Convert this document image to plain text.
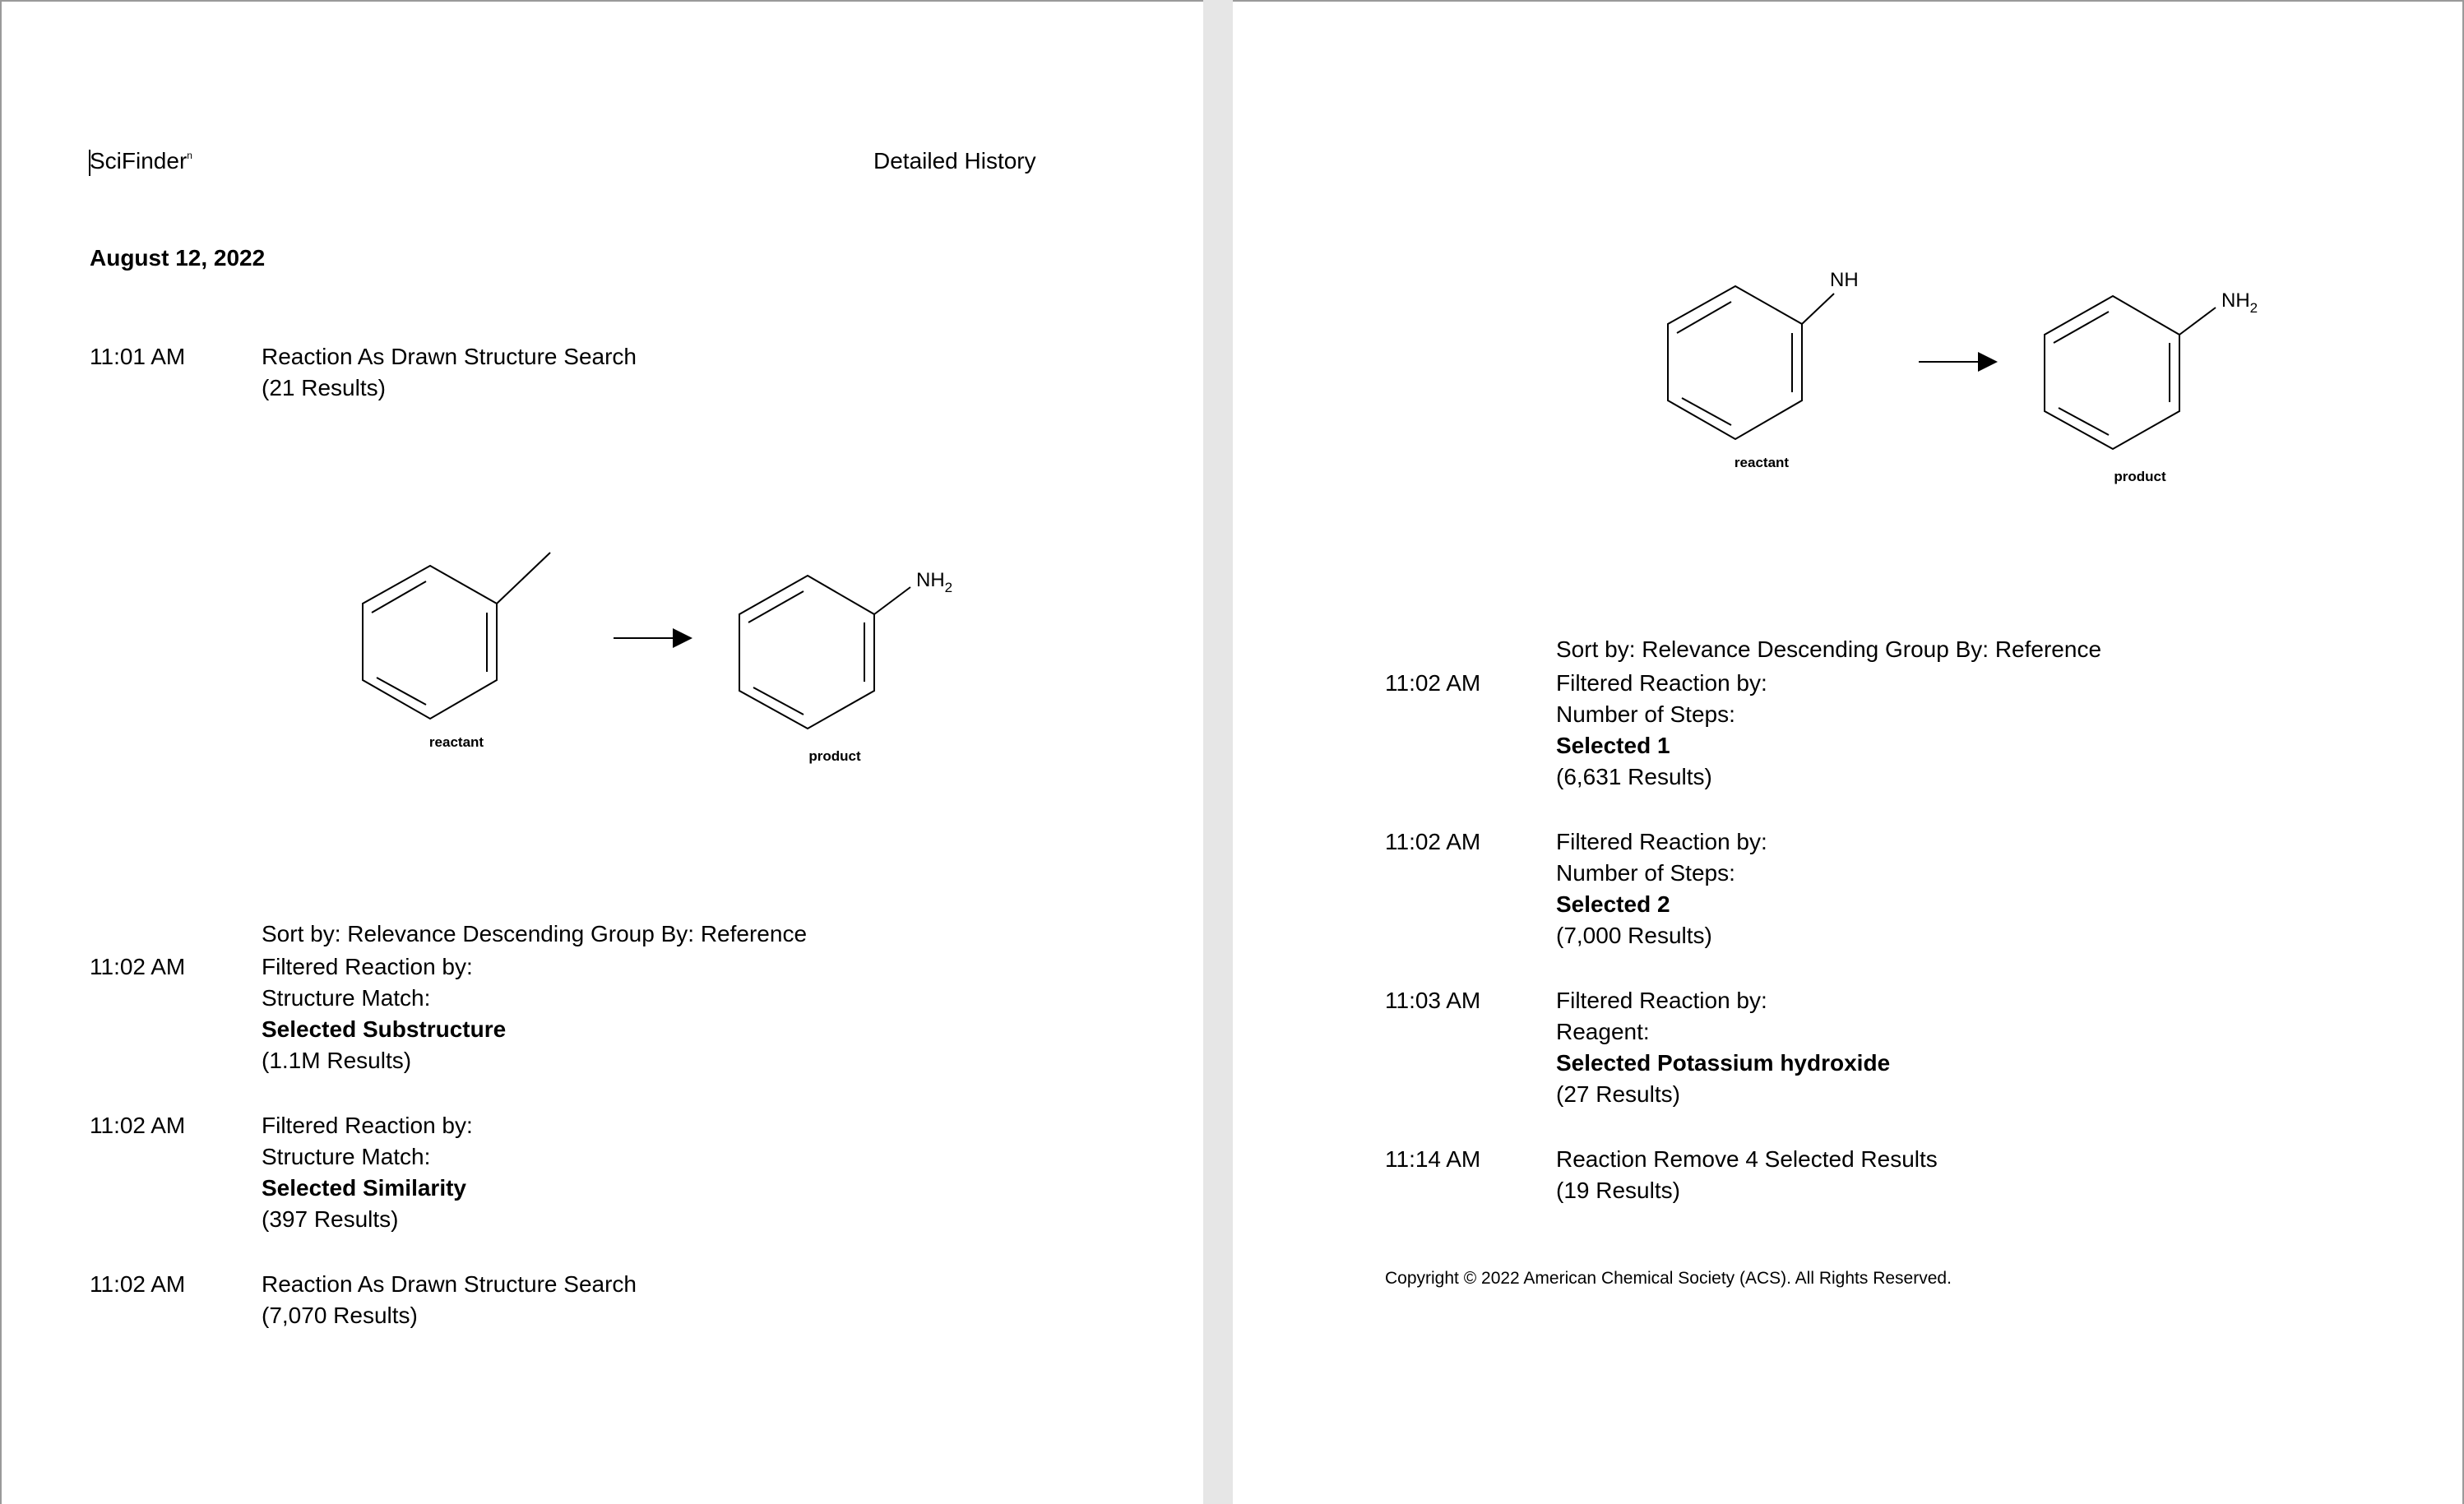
SciFinder$^n$	Detailed History
August 12, 2022
11:01 AM	Reaction As Drawn Structure Search
(21 Results)
reactant
$NH_2$
product
Sort by: Relevance Descending Group By: Reference
11:02 AM	Filtered Reaction by:
Structure Match:
Selected Substructure
(1.1M Results)
11:02 AM	Filtered Reaction by:
Structure Match:
Selected Similarity
(397 Results)
11:02 AM	Reaction As Drawn Structure Search
(7,070 Results)
NH
reactant
$NH_2$
product
Sort by: Relevance Descending Group By: Reference
11:02 AM	Filtered Reaction by:
Number of Steps:
Selected 1
(6,631 Results)
11:02 AM	Filtered Reaction by:
Number of Steps:
Selected 2
(7,000 Results)
11:03 AM	Filtered Reaction by:
Reagent:
Selected Potassium hydroxide
(27 Results)
11:14 AM	Reaction Remove 4 Selected Results
(19 Results)
Copyright © 2022 American Chemical Society (ACS). All Rights Reserved.
